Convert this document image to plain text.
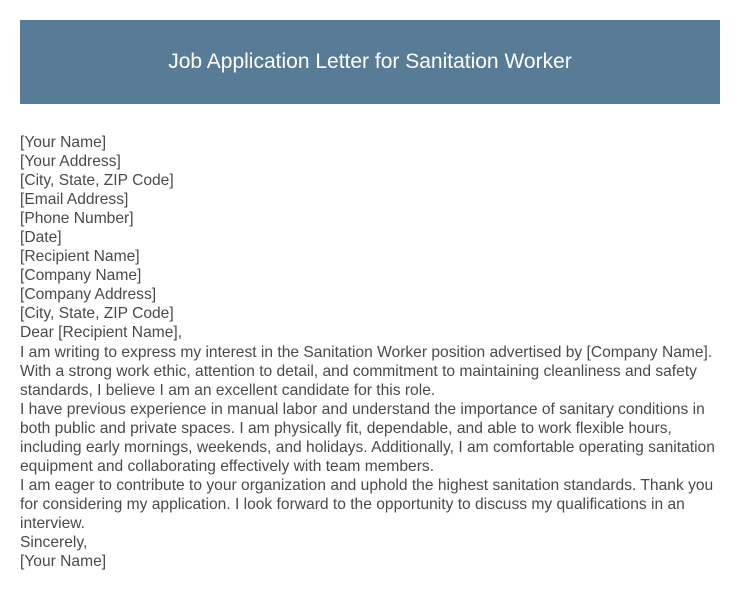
Job Application Letter for Sanitation Worker

[Your Name]

[Your Address]

[City, State, ZIP Code]

[Email Address]

[Phone Number]

[Date]

[Recipient Name]

[Company Name]

[Company Address]

[City, State, ZIP Code]

Dear [Recipient Name],

I am writing to express my interest in the Sanitation Worker position advertised by [Company Name]. With a strong work ethic, attention to detail, and commitment to maintaining cleanliness and safety standards, I believe I am an excellent candidate for this role.

I have previous experience in manual labor and understand the importance of sanitary conditions in both public and private spaces. I am physically fit, dependable, and able to work flexible hours, including early mornings, weekends, and holidays. Additionally, I am comfortable operating sanitation equipment and collaborating effectively with team members.

I am eager to contribute to your organization and uphold the highest sanitation standards. Thank you for considering my application. I look forward to the opportunity to discuss my qualifications in an interview.

Sincerely,

[Your Name]
